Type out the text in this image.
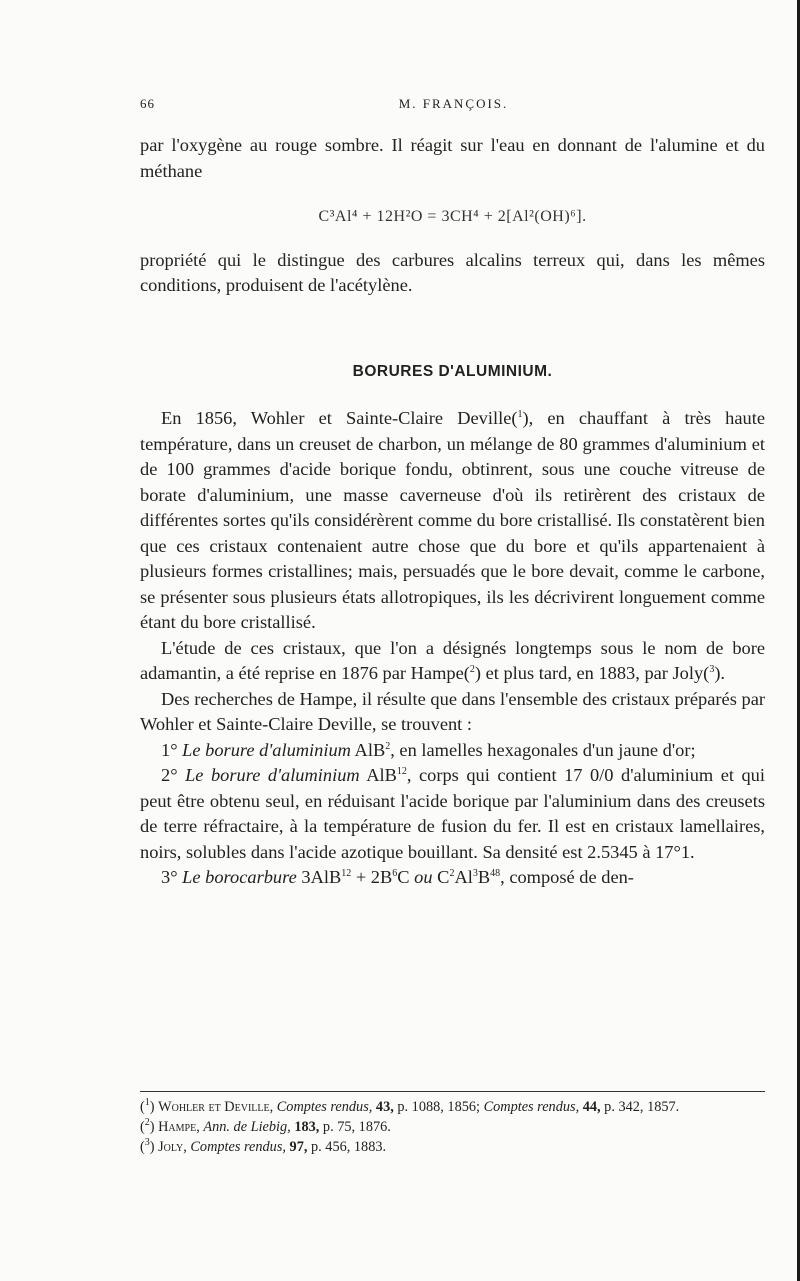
66	M. FRANÇOIS.

par l'oxygène au rouge sombre. Il réagit sur l'eau en donnant de l'alumine et du méthane

C³Al⁴ + 12H²O = 3CH⁴ + 2[Al²(OH)⁶].

propriété qui le distingue des carbures alcalins terreux qui, dans les mêmes conditions, produisent de l'acétylène.

BORURES D'ALUMINIUM.

En 1856, Wohler et Sainte-Claire Deville($^1$), en chauffant à très haute température, dans un creuset de charbon, un mélange de 80 grammes d'aluminium et de 100 grammes d'acide borique fondu, obtinrent, sous une couche vitreuse de borate d'aluminium, une masse caverneuse d'où ils retirèrent des cristaux de différentes sortes qu'ils considérèrent comme du bore cristallisé. Ils constatèrent bien que ces cristaux contenaient autre chose que du bore et qu'ils appartenaient à plusieurs formes cristallines; mais, persuadés que le bore devait, comme le carbone, se présenter sous plusieurs états allotropiques, ils les décrivirent longuement comme étant du bore cristallisé.

L'étude de ces cristaux, que l'on a désignés longtemps sous le nom de bore adamantin, a été reprise en 1876 par Hampe($^2$) et plus tard, en 1883, par Joly($^3$).

Des recherches de Hampe, il résulte que dans l'ensemble des cristaux préparés par Wohler et Sainte-Claire Deville, se trouvent :

1° Le borure d'aluminium AlB$^2$, en lamelles hexagonales d'un jaune d'or;

2° Le borure d'aluminium AlB$^{12}$, corps qui contient 17 0/0 d'aluminium et qui peut être obtenu seul, en réduisant l'acide borique par l'aluminium dans des creusets de terre réfractaire, à la température de fusion du fer. Il est en cristaux lamellaires, noirs, solubles dans l'acide azotique bouillant. Sa densité est 2.5345 à 17°1.

3° Le borocarbure $3AlB^{12} + 2B^6C$ ou $C^2Al^3B^{48}$, composé de den-

($^1$) Wohler et Deville, Comptes rendus, 43, p. 1088, 1856; Comptes rendus, 44, p. 342, 1857.

($^2$) Hampe, Ann. de Liebig, 183, p. 75, 1876.

($^3$) Joly, Comptes rendus, 97, p. 456, 1883.
